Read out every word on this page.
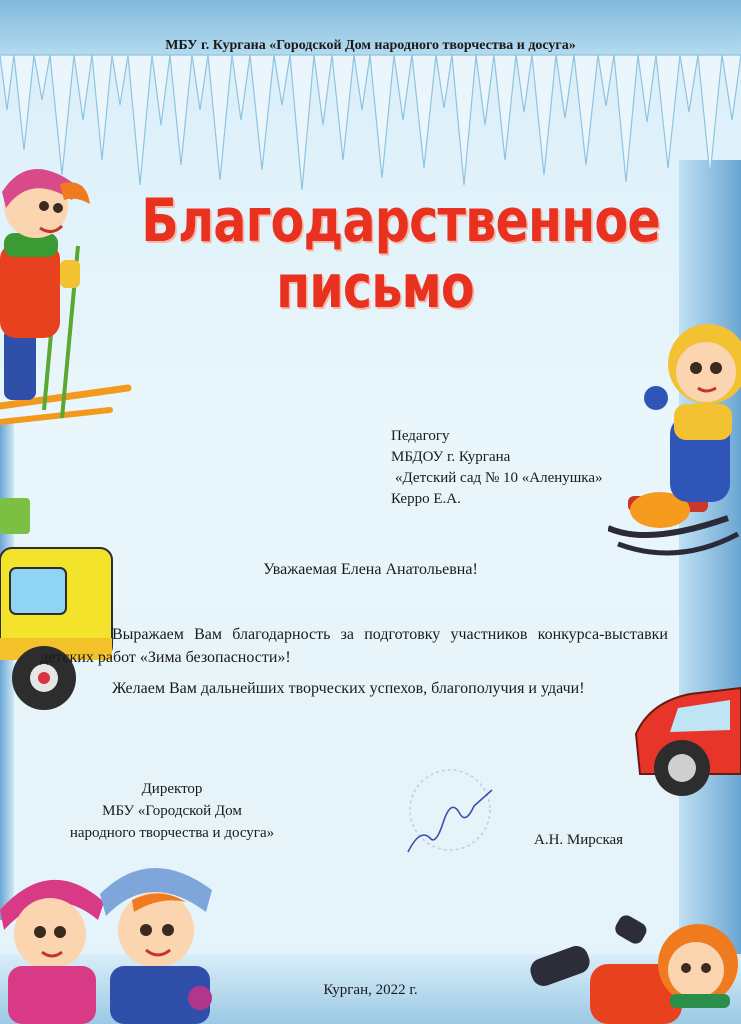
МБУ г. Кургана «Городской Дом народного творчества и досуга»
Благодарственное
письмо
Педагогу
МБДОУ г. Кургана
«Детский сад № 10 «Аленушка»
Керро Е.А.
Уважаемая Елена Анатольевна!

Выражаем Вам благодарность за подготовку участников конкурса-выставки детских работ «Зима безопасности»!

Желаем Вам дальнейших творческих успехов, благополучия и удачи!

Директор
МБУ «Городской Дом
народного творчества и досуга»	А.Н. Мирская
Курган, 2022 г.
